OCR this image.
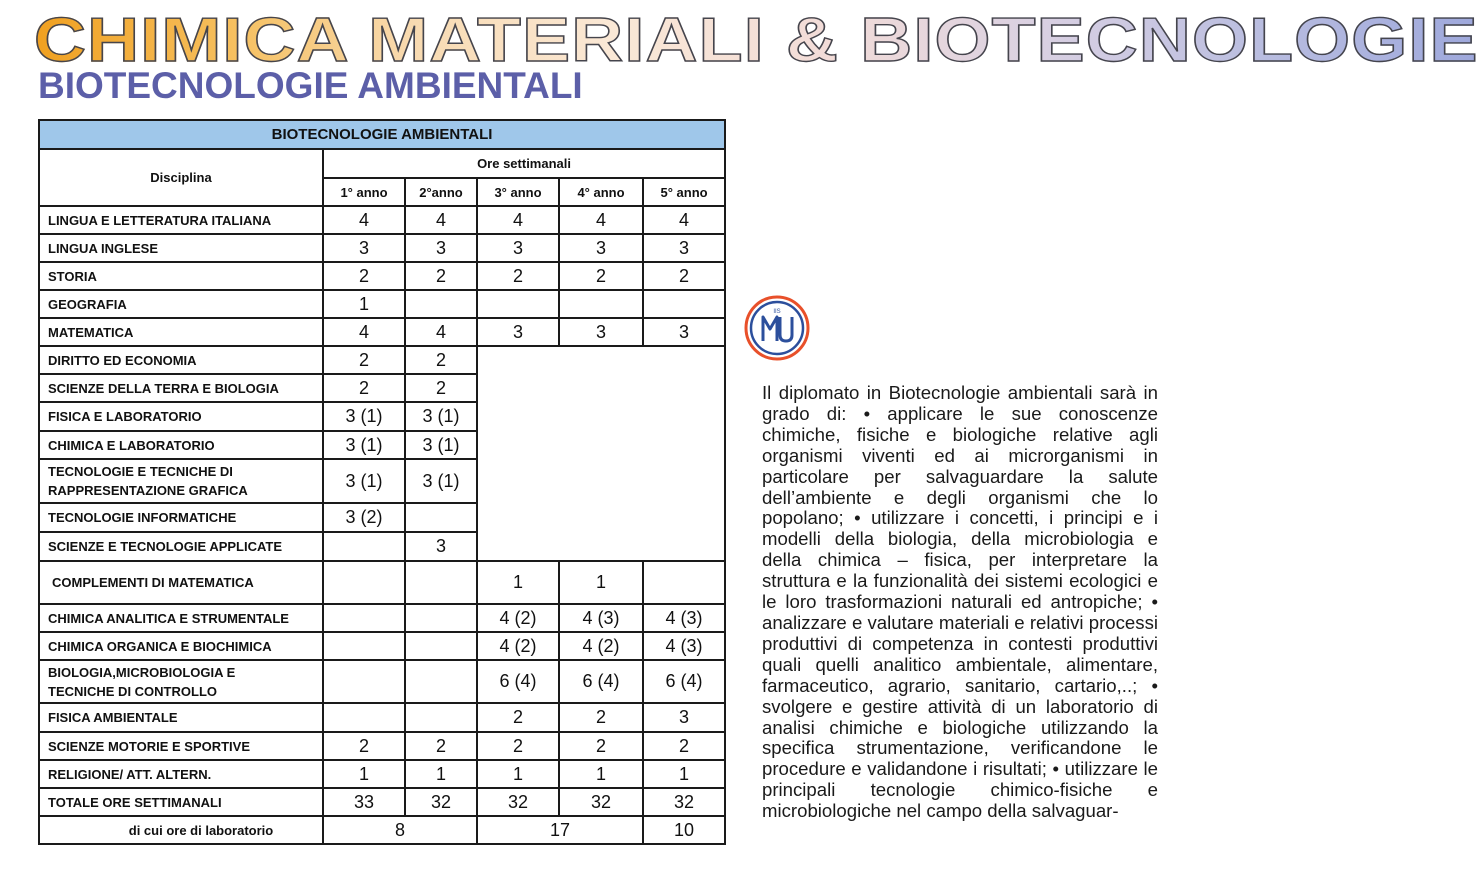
CHIMICA MATERIALI & BIOTECNOLOGIE
BIOTECNOLOGIE AMBIENTALI
BIOTECNOLOGIE AMBIENTALI					
Disciplina	Ore settimanali				
	1° anno	2°anno	3° anno	4° anno	5° anno
LINGUA E LETTERATURA ITALIANA	4	4	4	4	4
LINGUA INGLESE	3	3	3	3	3
STORIA	2	2	2	2	2
GEOGRAFIA	1				
MATEMATICA	4	4	3	3	3
DIRITTO ED ECONOMIA	2	2			
SCIENZE DELLA TERRA E BIOLOGIA	2	2			
FISICA E LABORATORIO	3 (1)	3 (1)			
CHIMICA E LABORATORIO	3 (1)	3 (1)			
TECNOLOGIE E TECNICHE DI
RAPPRESENTAZIONE GRAFICA	3 (1)	3 (1)			
TECNOLOGIE INFORMATICHE	3 (2)				
SCIENZE E TECNOLOGIE APPLICATE		3			
COMPLEMENTI DI MATEMATICA			1	1	
CHIMICA ANALITICA E STRUMENTALE			4 (2)	4 (3)	4 (3)
CHIMICA ORGANICA E BIOCHIMICA			4 (2)	4 (2)	4 (3)
BIOLOGIA,MICROBIOLOGIA E
TECNICHE DI CONTROLLO			6 (4)	6 (4)	6 (4)
FISICA AMBIENTALE			2	2	3
SCIENZE MOTORIE E SPORTIVE	2	2	2	2	2
RELIGIONE/ ATT. ALTERN.	1	1	1	1	1
TOTALE ORE SETTIMANALI	33	32	32	32	32
di cui ore di laboratorio	8		17		10
IIS

Il diplomato in Biotecnologie ambientali sarà in grado di: • applicare le sue conoscenze chimiche, fisiche e biologiche relative agli organismi viventi ed ai microrganismi in particolare per salvaguardare la salute dell’ambiente e degli organismi che lo popolano; • utilizzare i concetti, i principi e i modelli della biologia, della microbiologia e della chimica – fisica, per interpretare la struttura e la funzionalità dei sistemi ecologici e le loro trasformazioni naturali ed antropiche; • analizzare e valutare materiali e relativi processi produttivi di competenza in contesti produttivi quali quelli analitico ambientale, alimentare, farmaceutico, agrario, sanitario, cartario,..; • svolgere e gestire attività di un laboratorio di analisi chimiche e biologiche utilizzando la specifica strumentazione, verificandone le procedure e validandone i risultati; • utilizzare le principali tecnologie chimico-fisiche e microbiologiche nel campo della salvaguar-
